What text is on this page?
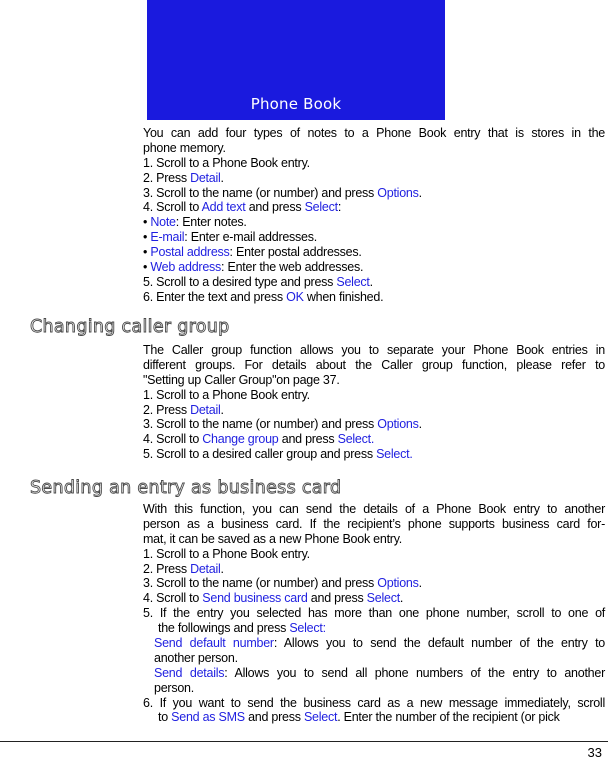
Phone Book
You can add four types of notes to a Phone Book entry that is stores in the
phone memory.
1. Scroll to a Phone Book entry.
2. Press Detail.
3. Scroll to the name (or number) and press Options.
4. Scroll to Add text and press Select:
• Note: Enter notes.
• E-mail: Enter e-mail addresses.
• Postal address: Enter postal addresses.
• Web address: Enter the web addresses.
5. Scroll to a desired type and press Select.
6. Enter the text and press OK when finished.
Changing caller group
The Caller group function allows you to separate your Phone Book entries in
different groups. For details about the Caller group function, please refer to
"Setting up Caller Group"on page 37.
1. Scroll to a Phone Book entry.
2. Press Detail.
3. Scroll to the name (or number) and press Options.
4. Scroll to Change group and press Select.
5. Scroll to a desired caller group and press Select.
Sending an entry as business card
With this function, you can send the details of a Phone Book entry to another
person as a business card. If the recipient’s phone supports business card for-
mat, it can be saved as a new Phone Book entry.
1. Scroll to a Phone Book entry.
2. Press Detail.
3. Scroll to the name (or number) and press Options.
4. Scroll to Send business card and press Select.
5. If the entry you selected has more than one phone number, scroll to one of
the followings and press Select:
Send default number: Allows you to send the default number of the entry to
another person.
Send details: Allows you to send all phone numbers of the entry to another
person.
6. If you want to send the business card as a new message immediately, scroll
to Send as SMS and press Select. Enter the number of the recipient (or pick
33
